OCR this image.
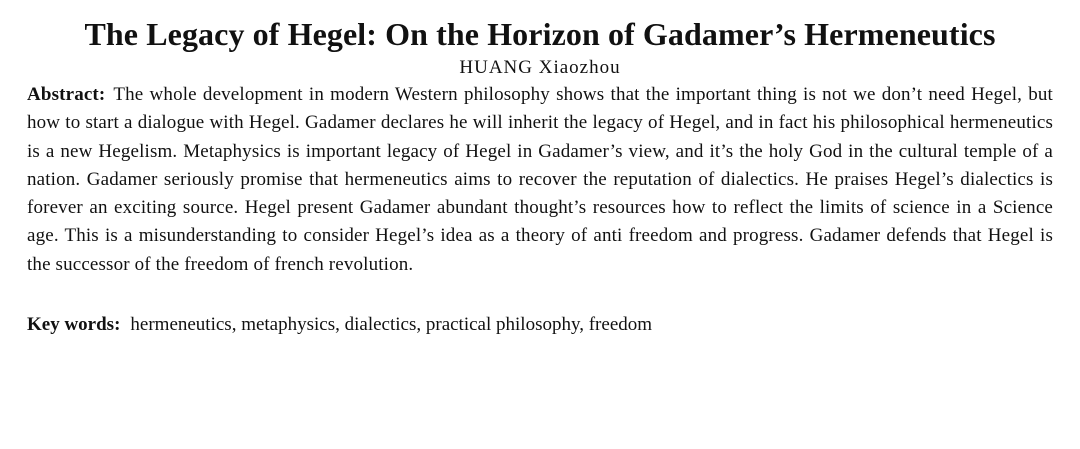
The Legacy of Hegel: On the Horizon of Gadamer’s Hermeneutics
HUANG Xiaozhou

Abstract: The whole development in modern Western philosophy shows that the important thing is not we don’t need Hegel, but how to start a dialogue with Hegel. Gadamer declares he will inherit the legacy of Hegel, and in fact his philosophical hermeneutics is a new Hegelism. Metaphysics is important legacy of Hegel in Gadamer’s view, and it’s the holy God in the cultural temple of a nation. Gadamer seriously promise that hermeneutics aims to recover the reputation of dialectics. He praises Hegel’s dialectics is forever an exciting source. Hegel present Gadamer abundant thought’s resources how to reflect the limits of science in a Science age. This is a misunderstanding to consider Hegel’s idea as a theory of anti freedom and progress. Gadamer defends that Hegel is the successor of the freedom of french revolution.

Key words: hermeneutics, metaphysics, dialectics, practical philosophy, freedom
